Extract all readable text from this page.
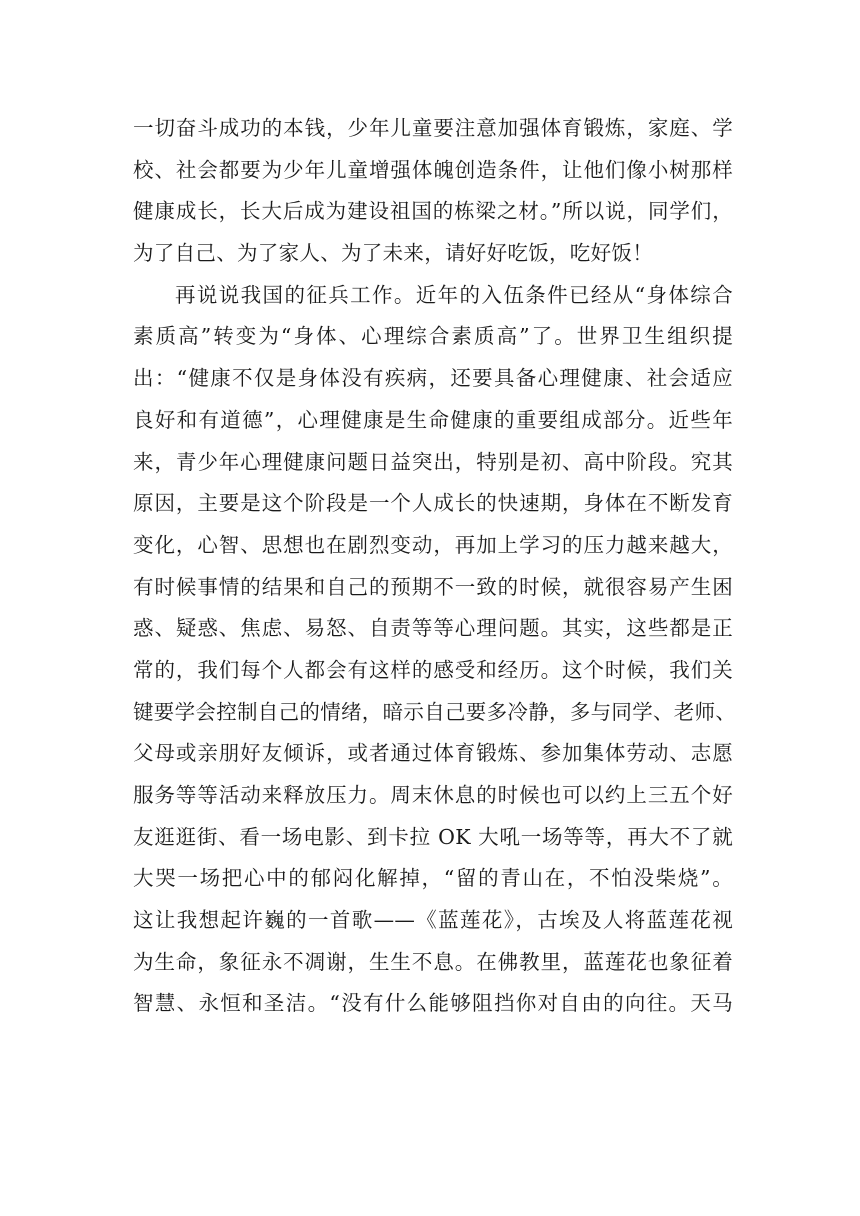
一切奋斗成功的本钱，少年儿童要注意加强体育锻炼，家庭、学
校、社会都要为少年儿童增强体魄创造条件，让他们像小树那样
健康成长，长大后成为建设祖国的栋梁之材。”所以说，同学们，
为了自己、为了家人、为了未来，请好好吃饭，吃好饭！
再说说我国的征兵工作。近年的入伍条件已经从“身体综合
素质高”转变为“身体、心理综合素质高”了。世界卫生组织提
出：“健康不仅是身体没有疾病，还要具备心理健康、社会适应
良好和有道德”，心理健康是生命健康的重要组成部分。近些年
来，青少年心理健康问题日益突出，特别是初、高中阶段。究其
原因，主要是这个阶段是一个人成长的快速期，身体在不断发育
变化，心智、思想也在剧烈变动，再加上学习的压力越来越大，
有时候事情的结果和自己的预期不一致的时候，就很容易产生困
惑、疑惑、焦虑、易怒、自责等等心理问题。其实，这些都是正
常的，我们每个人都会有这样的感受和经历。这个时候，我们关
键要学会控制自己的情绪，暗示自己要多冷静，多与同学、老师、
父母或亲朋好友倾诉，或者通过体育锻炼、参加集体劳动、志愿
服务等等活动来释放压力。周末休息的时候也可以约上三五个好
友逛逛街、看一场电影、到卡拉 OK 大吼一场等等，再大不了就
大哭一场把心中的郁闷化解掉，“留的青山在，不怕没柴烧”。
这让我想起许巍的一首歌——《蓝莲花》，古埃及人将蓝莲花视
为生命，象征永不凋谢，生生不息。在佛教里，蓝莲花也象征着
智慧、永恒和圣洁。“没有什么能够阻挡你对自由的向往。天马
